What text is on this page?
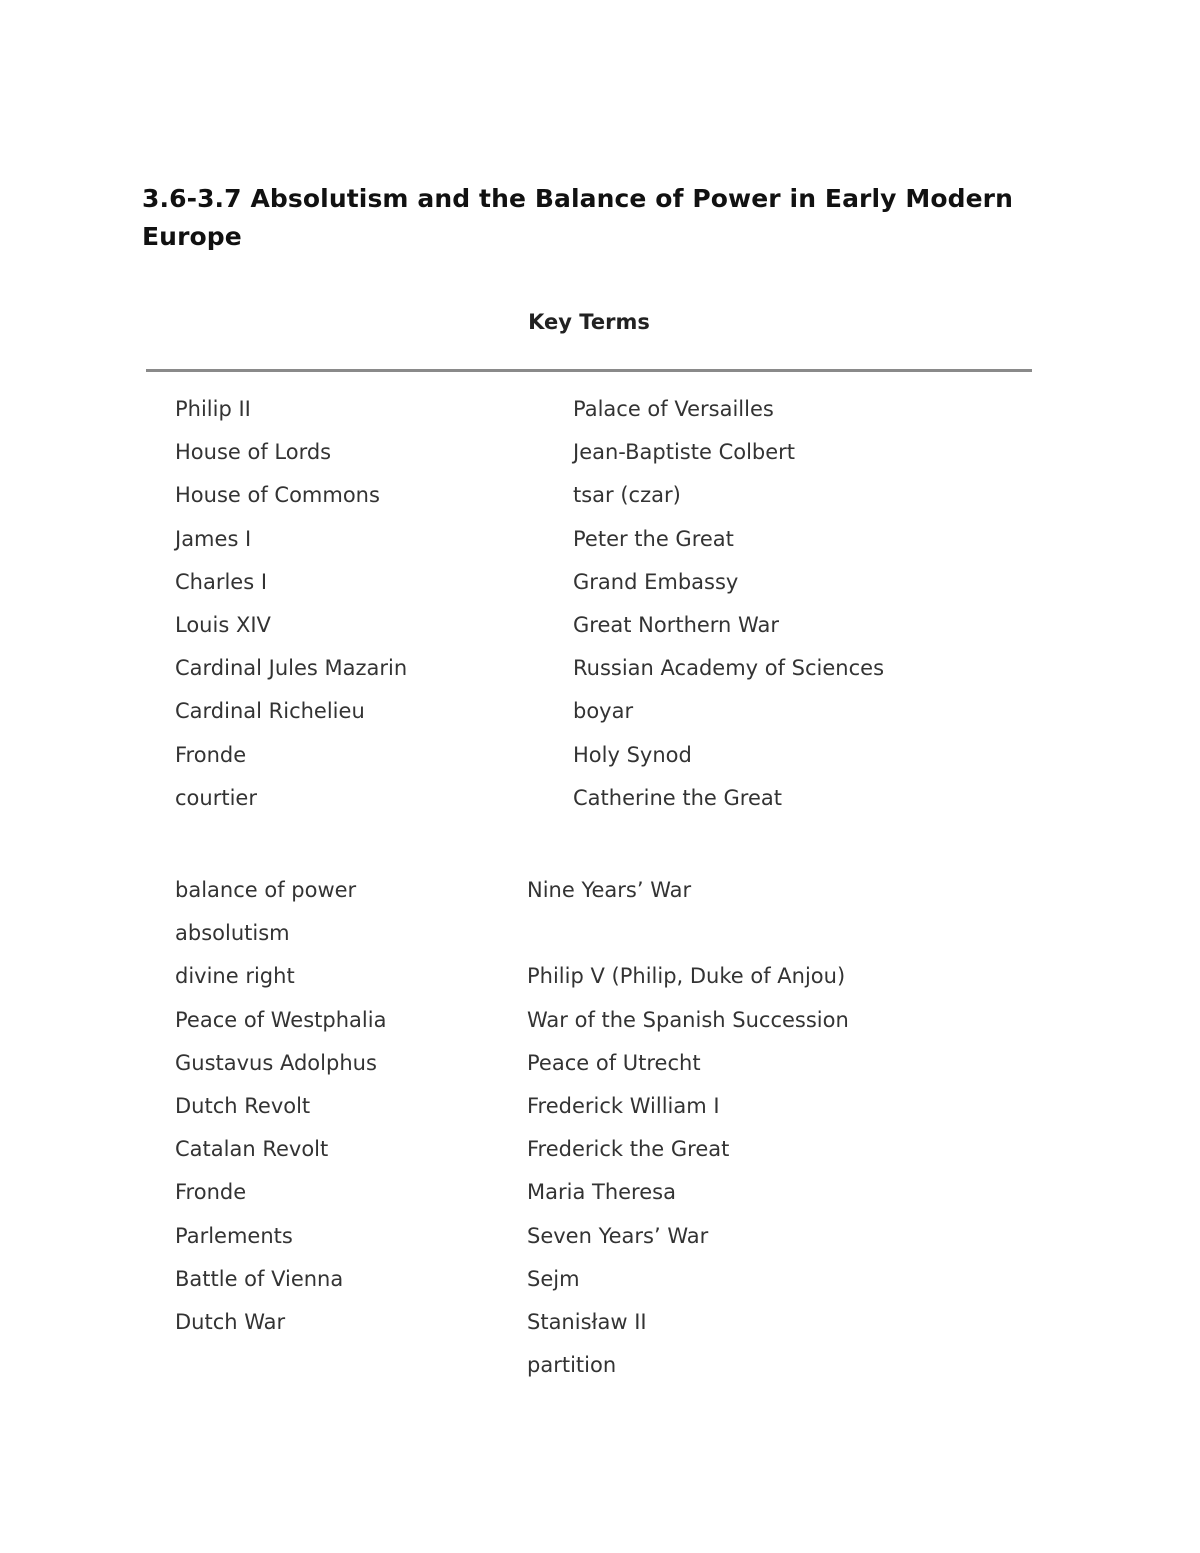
3.6-3.7 Absolutism and the Balance of Power in Early Modern Europe
Key Terms
Philip II
House of Lords
House of Commons
James I
Charles I
Louis XIV
Cardinal Jules Mazarin
Cardinal Richelieu
Fronde
courtier
Palace of Versailles
Jean-Baptiste Colbert
tsar (czar)
Peter the Great
Grand Embassy
Great Northern War
Russian Academy of Sciences
boyar
Holy Synod
Catherine the Great
balance of power
absolutism
divine right
Peace of Westphalia
Gustavus Adolphus
Dutch Revolt
Catalan Revolt
Fronde
Parlements
Battle of Vienna
Dutch War
Nine Years’ War
Philip V (Philip, Duke of Anjou)
War of the Spanish Succession
Peace of Utrecht
Frederick William I
Frederick the Great
Maria Theresa
Seven Years’ War
Sejm
Stanisław II
partition
